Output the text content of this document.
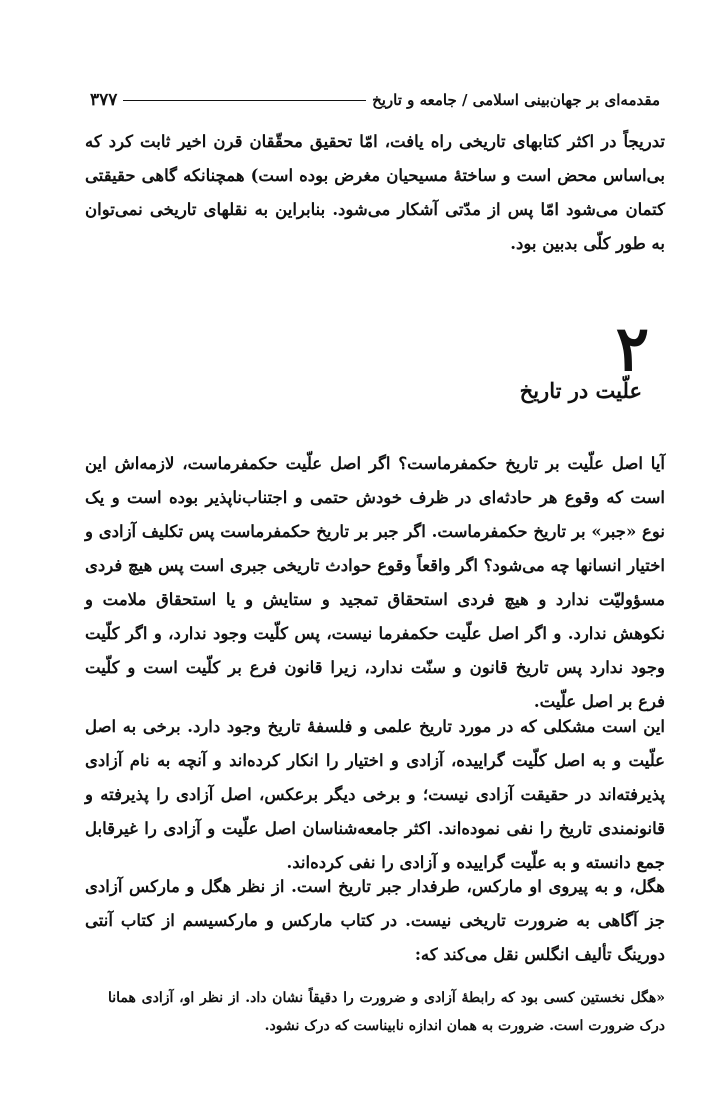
مقدمه‌ای بر جهان‌بینی اسلامی / جامعه و تاریخ
۳۷۷

تدریجاً در اکثر کتابهای تاریخی راه یافت، امّا تحقیق محقّقان قرن اخیر ثابت کرد که بی‌اساس محض است و ساختهٔ مسیحیان مغرض بوده است) همچنانکه گاهی حقیقتی کتمان می‌شود امّا پس از مدّتی آشکار می‌شود. بنابراین به نقلهای تاریخی نمی‌توان به طور کلّی بدبین بود.

۲
علّیت در تاریخ

آیا اصل علّیت بر تاریخ حکمفرماست؟ اگر اصل علّیت حکمفرماست، لازمه‌اش این است که وقوع هر حادثه‌ای در ظرف خودش حتمی و اجتناب‌ناپذیر بوده است و یک نوع «جبر» بر تاریخ حکمفرماست. اگر جبر بر تاریخ حکمفرماست پس تکلیف آزادی و اختیار انسانها چه می‌شود؟ اگر واقعاً وقوع حوادث تاریخی جبری است پس هیچ فردی مسؤولیّت ندارد و هیچ فردی استحقاق تمجید و ستایش و یا استحقاق ملامت و نکوهش ندارد. و اگر اصل علّیت حکمفرما نیست، پس کلّیت وجود ندارد، و اگر کلّیت وجود ندارد پس تاریخ قانون و سنّت ندارد، زیرا قانون فرع بر کلّیت است و کلّیت فرع بر اصل علّیت.

این است مشکلی که در مورد تاریخ علمی و فلسفهٔ تاریخ وجود دارد. برخی به اصل علّیت و به اصل کلّیت گراییده، آزادی و اختیار را انکار کرده‌اند و آنچه به نام آزادی پذیرفته‌اند در حقیقت آزادی نیست؛ و برخی دیگر برعکس، اصل آزادی را پذیرفته و قانونمندی تاریخ را نفی نموده‌اند. اکثر جامعه‌شناسان اصل علّیت و آزادی را غیرقابل جمع دانسته و به علّیت گراییده و آزادی را نفی کرده‌اند.

هگل، و به پیروی او مارکس، طرفدار جبر تاریخ است. از نظر هگل و مارکس آزادی جز آگاهی به ضرورت تاریخی نیست. در کتاب مارکس و مارکسیسم از کتاب آنتی دورینگ تألیف انگلس نقل می‌کند که:

«هگل نخستین کسی بود که رابطهٔ آزادی و ضرورت را دقیقاً نشان داد. از نظر او، آزادی همانا درک ضرورت است. ضرورت به همان اندازه نابیناست که درک نشود.
